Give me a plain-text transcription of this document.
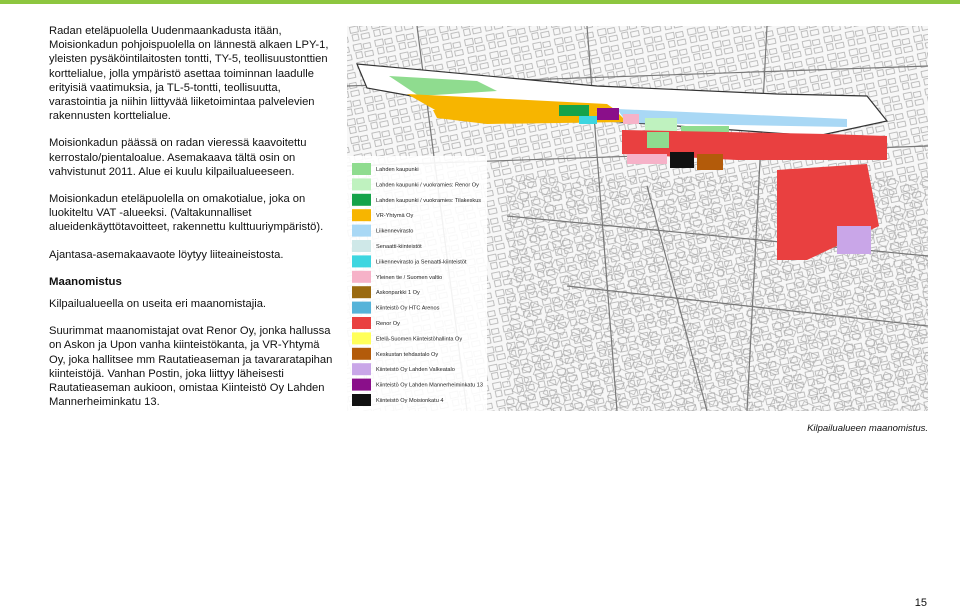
Radan eteläpuolella Uudenmaankadusta itään, Moisionkadun pohjoispuolella on lännestä alkaen LPY-1, yleisten pysäköintilaitosten tontti, TY-5, teollisuustonttien korttelialue, jolla ympäristö asettaa toiminnan laadulle erityisiä vaatimuksia, ja TL-5-tontti, teollisuutta, varastointia ja niihin liittyvää liiketoimintaa palvelevien rakennusten korttelialue.

Moisionkadun päässä on radan vieressä kaavoitettu kerrostalo/pientaloalue. Asemakaava tältä osin on vahvistunut 2011. Alue ei kuulu kilpailualueeseen.

Moisionkadun eteläpuolella on omakotialue, joka on luokiteltu VAT -alueeksi. (Valtakunnalliset alueidenkäyttötavoitteet, rakennettu kulttuuriympäristö).

Ajantasa-asemakaavaote löytyy liiteaineistosta.

Maanomistus

Kilpailualueella on useita eri maanomistajia.

Suurimmat maanomistajat ovat Renor Oy, jonka hallussa on Askon ja Upon vanha kiinteistökanta, ja VR-Yhtymä Oy, joka hallitsee mm Rautatieaseman ja tavararatapihan kiinteistöjä. Vanhan Postin, joka liittyy läheisesti Rautatieaseman aukioon, omistaa Kiinteistö Oy Lahden Mannerheiminkatu 13.

Lahden kaupunki
Lahden kaupunki / vuokramies: Renor Oy
Lahden kaupunki / vuokramies: Tilakeskus
VR-Yhtymä Oy
Liikennevirasto
Senaatti-kiinteistöt
Liikennevirasto ja Senaatti-kiinteistöt
Yleinen tie / Suomen valtio
Askonparkki 1 Oy
Kiinteistö Oy HTC Arenos
Renor Oy
Etelä-Suomen Kiinteistöhallinta Oy
Keskustan tehdastalo Oy
Kiinteistö Oy Lahden Valkeatalo
Kiinteistö Oy Lahden Mannerheiminkatu 13
Kiinteistö Oy Moisionkatu 4
Kilpailualueen maanomistus.
15
